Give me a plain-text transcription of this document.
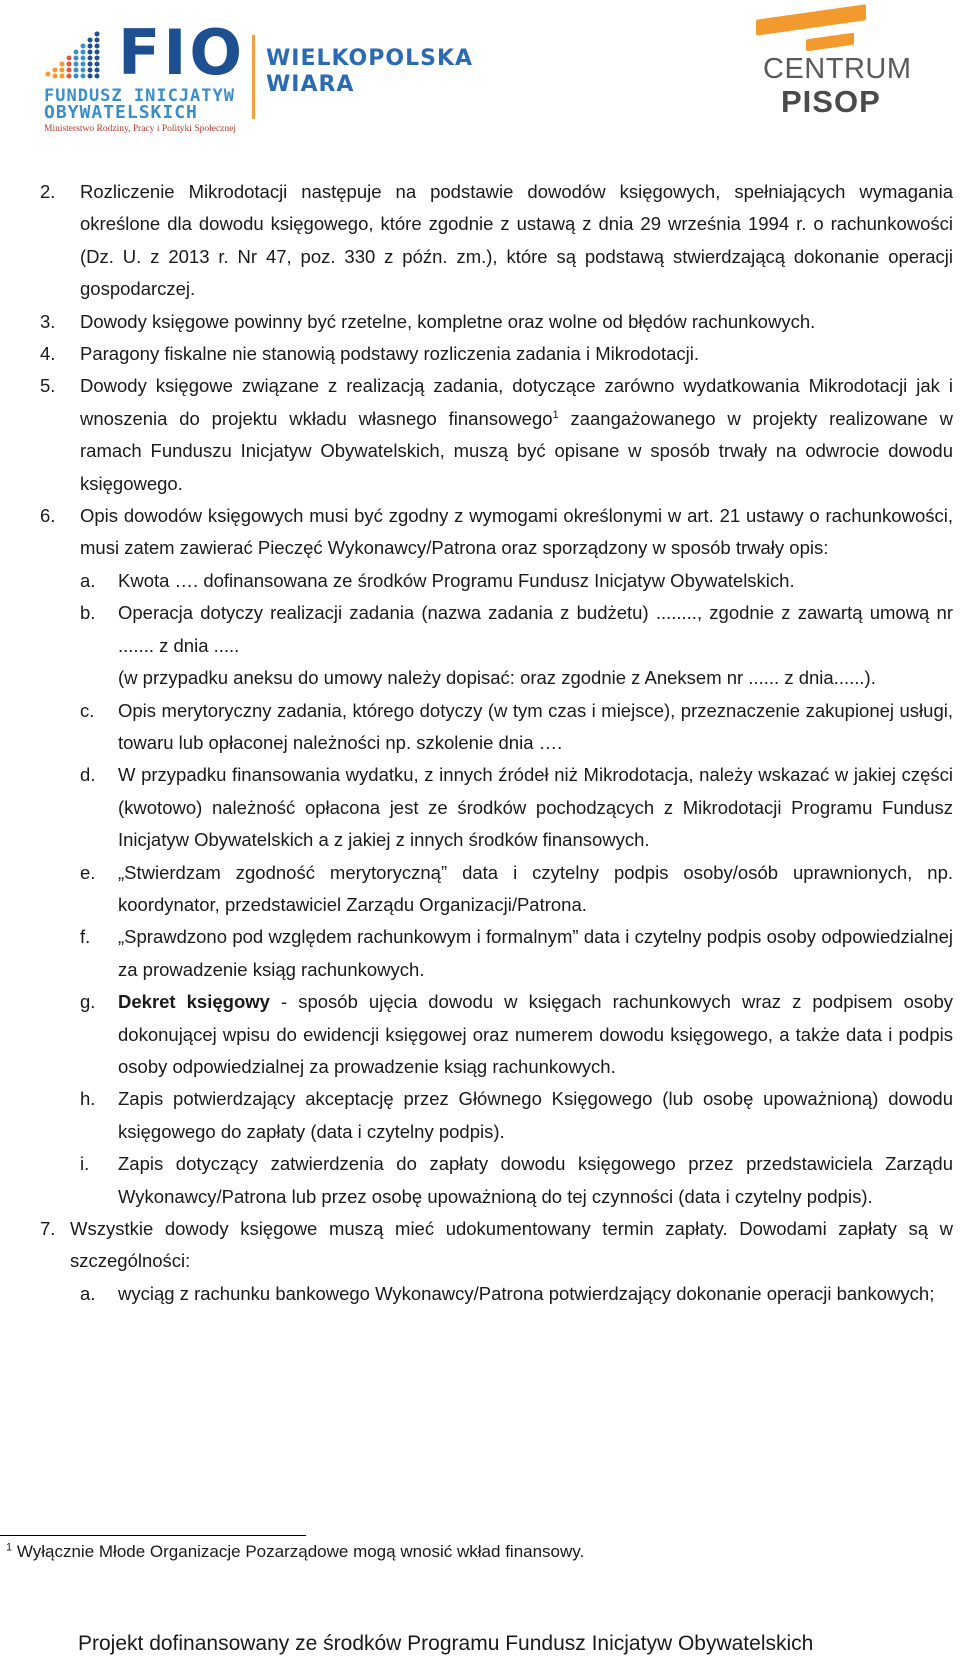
FIO
FUNDUSZ INICJATYW
OBYWATELSKICH
Ministerstwo Rodziny, Pracy i Polityki Społecznej
WIELKOPOLSKA
WIARA	CENTRUM
PISOP
2. Rozliczenie Mikrodotacji następuje na podstawie dowodów księgowych, spełniających wymagania określone dla dowodu księgowego, które zgodnie z ustawą z dnia 29 września 1994 r. o rachunkowości (Dz. U. z 2013 r. Nr 47, poz. 330 z późn. zm.), które są podstawą stwierdzającą dokonanie operacji gospodarczej.
3. Dowody księgowe powinny być rzetelne, kompletne oraz wolne od błędów rachunkowych.
4. Paragony fiskalne nie stanowią podstawy rozliczenia zadania i Mikrodotacji.
5. Dowody księgowe związane z realizacją zadania, dotyczące zarówno wydatkowania Mikrodotacji jak i wnoszenia do projektu wkładu własnego finansowego$^1$ zaangażowanego w projekty realizowane w ramach Funduszu Inicjatyw Obywatelskich, muszą być opisane w sposób trwały na odwrocie dowodu księgowego.
6. Opis dowodów księgowych musi być zgodny z wymogami określonymi w art. 21 ustawy o rachunkowości, musi zatem zawierać Pieczęć Wykonawcy/Patrona oraz sporządzony w sposób trwały opis:
a. Kwota …. dofinansowana ze środków Programu Fundusz Inicjatyw Obywatelskich.
b. Operacja dotyczy realizacji zadania (nazwa zadania z budżetu) ........, zgodnie z zawartą umową nr ....... z dnia .....
(w przypadku aneksu do umowy należy dopisać: oraz zgodnie z Aneksem nr ...... z dnia......).
c. Opis merytoryczny zadania, którego dotyczy (w tym czas i miejsce), przeznaczenie zakupionej usługi, towaru lub opłaconej należności np. szkolenie dnia ….
d. W przypadku finansowania wydatku, z innych źródeł niż Mikrodotacja, należy wskazać w jakiej części (kwotowo) należność opłacona jest ze środków pochodzących z Mikrodotacji Programu Fundusz Inicjatyw Obywatelskich a z jakiej z innych środków finansowych.
e. „Stwierdzam zgodność merytoryczną” data i czytelny podpis osoby/osób uprawnionych, np. koordynator, przedstawiciel Zarządu Organizacji/Patrona.
f. „Sprawdzono pod względem rachunkowym i formalnym” data i czytelny podpis osoby odpowiedzialnej za prowadzenie ksiąg rachunkowych.
g. Dekret księgowy - sposób ujęcia dowodu w księgach rachunkowych wraz z podpisem osoby dokonującej wpisu do ewidencji księgowej oraz numerem dowodu księgowego, a także data i podpis osoby odpowiedzialnej za prowadzenie ksiąg rachunkowych.
h. Zapis potwierdzający akceptację przez Głównego Księgowego (lub osobę upoważnioną) dowodu księgowego do zapłaty (data i czytelny podpis).
i. Zapis dotyczący zatwierdzenia do zapłaty dowodu księgowego przez przedstawiciela Zarządu Wykonawcy/Patrona lub przez osobę upoważnioną do tej czynności (data i czytelny podpis).
7. Wszystkie dowody księgowe muszą mieć udokumentowany termin zapłaty. Dowodami zapłaty są w szczególności:
a. wyciąg z rachunku bankowego Wykonawcy/Patrona potwierdzający dokonanie operacji bankowych;
$^1$ Wyłącznie Młode Organizacje Pozarządowe mogą wnosić wkład finansowy.
Projekt dofinansowany ze środków Programu Fundusz Inicjatyw Obywatelskich
